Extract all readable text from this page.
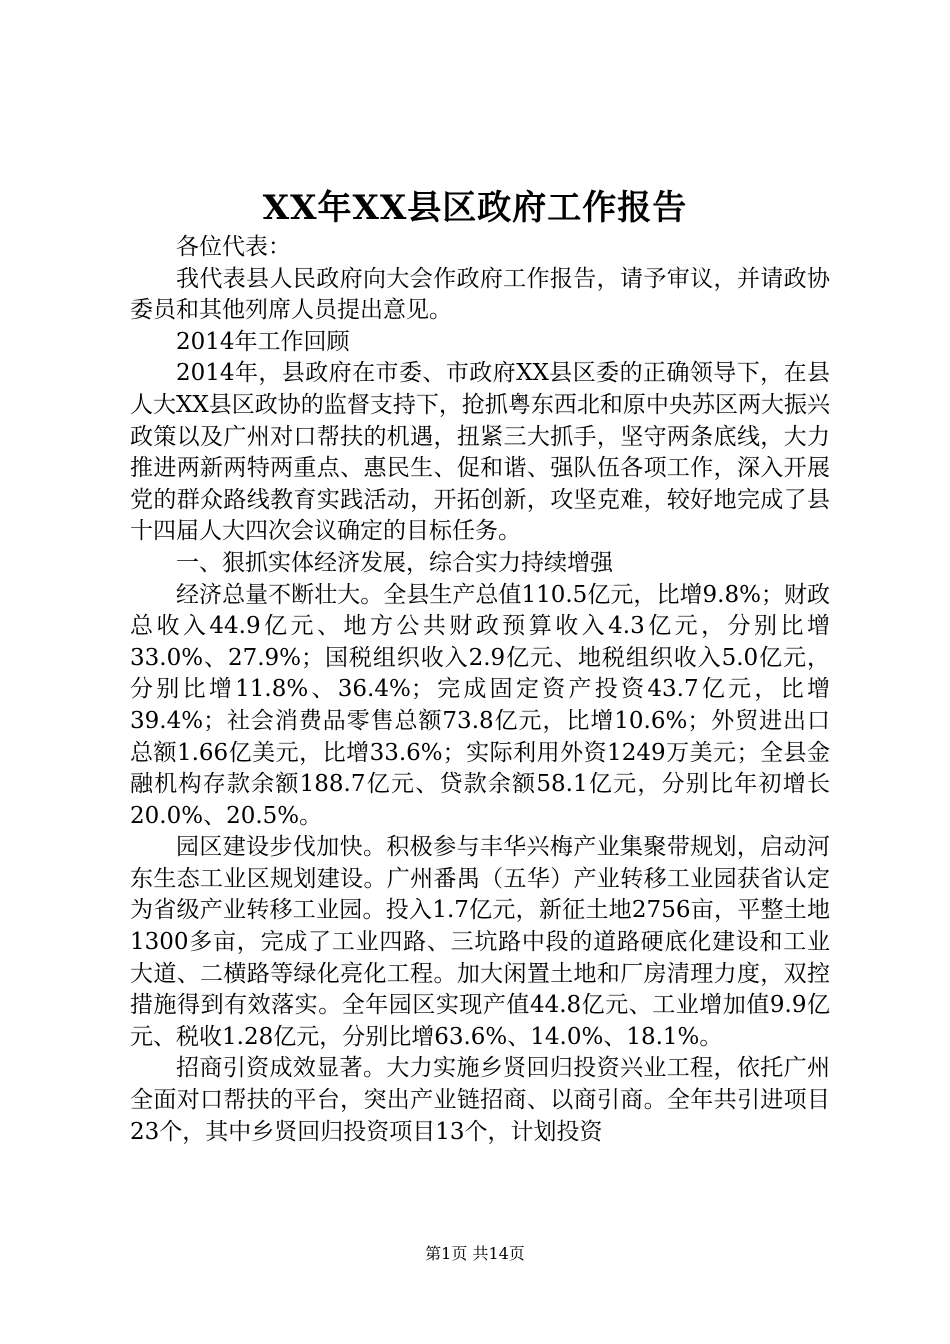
XX年XX县区政府工作报告

各位代表：

我代表县人民政府向大会作政府工作报告，请予审议，并请政协委员和其他列席人员提出意见。

2014年工作回顾

2014年，县政府在市委、市政府XX县区委的正确领导下，在县人大XX县区政协的监督支持下，抢抓粤东西北和原中央苏区两大振兴政策以及广州对口帮扶的机遇，扭紧三大抓手，坚守两条底线，大力推进两新两特两重点、惠民生、促和谐、强队伍各项工作，深入开展党的群众路线教育实践活动，开拓创新，攻坚克难，较好地完成了县十四届人大四次会议确定的目标任务。

一、狠抓实体经济发展，综合实力持续增强

经济总量不断壮大。全县生产总值110.5亿元，比增9.8%；财政总收入44.9亿元、地方公共财政预算收入4.3亿元，分别比增33.0%、27.9%；国税组织收入2.9亿元、地税组织收入5.0亿元，分别比增11.8%、36.4%；完成固定资产投资43.7亿元，比增39.4%；社会消费品零售总额73.8亿元，比增10.6%；外贸进出口总额1.66亿美元，比增33.6%；实际利用外资1249万美元；全县金融机构存款余额188.7亿元、贷款余额58.1亿元，分别比年初增长20.0%、20.5%。

园区建设步伐加快。积极参与丰华兴梅产业集聚带规划，启动河东生态工业区规划建设。广州番禺（五华）产业转移工业园获省认定为省级产业转移工业园。投入1.7亿元，新征土地2756亩，平整土地1300多亩，完成了工业四路、三坑路中段的道路硬底化建设和工业大道、二横路等绿化亮化工程。加大闲置土地和厂房清理力度，双控措施得到有效落实。全年园区实现产值44.8亿元、工业增加值9.9亿元、税收1.28亿元，分别比增63.6%、14.0%、18.1%。

招商引资成效显著。大力实施乡贤回归投资兴业工程，依托广州全面对口帮扶的平台，突出产业链招商、以商引商。全年共引进项目23个，其中乡贤回归投资项目13个，计划投资

第1页 共14页
